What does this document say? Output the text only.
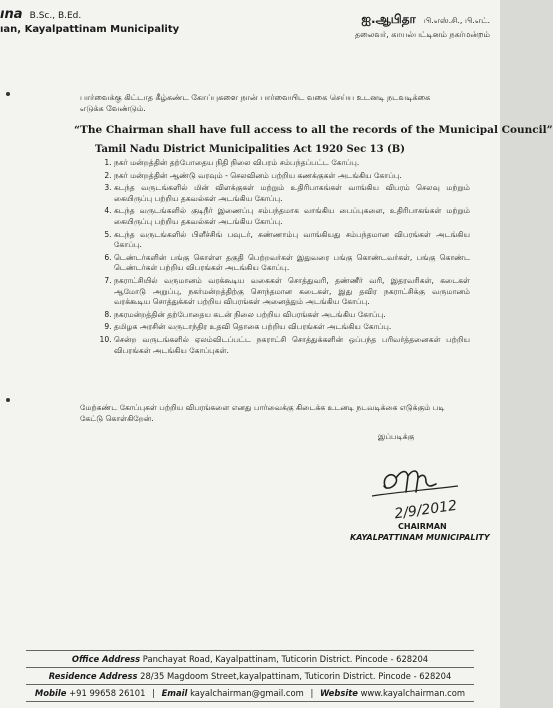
ına B.Sc., B.Ed.
ıan, Kayalpattinam Municipality
ஐ.ஆபிதா பி.எஸ்.சி., பி.எட்.
தலைவர், காயல்பட்டினம் நகர்மன்றம்
பார்வைக்கு கிட்டாத கீழ்கண்ட கோப்புகளை நான் பார்வையிட வகை செய்ய உடனடி நடவடிக்கை எடுக்க வேண்டும்.
“The Chairman shall have full access to all the records of the Municipal Council”
Tamil Nadu District Municipalities Act 1920 Sec 13 (B)
1. நகர் மன்றத்தின் தற்போதைய நிதி நிலை விபரம் சம்பந்தப்பட்ட கோப்பு.
2. நகர் மன்றத்தின் ஆண்டு வரவும் - செலவினம் பற்றிய கணக்குகள் அடங்கிய கோப்பு.
3. கடந்த வருடங்களில் மின் விளக்குகள் மற்றும் உதிரிபாகங்கள் வாங்கிய விபரம் செலவு மற்றும் கையிருப்பு பற்றிய தகவல்கள் அடங்கிய கோப்பு.
4. கடந்த வருடங்களில் குடிநீர் இணைப்பு சம்பந்தமாக வாங்கிய பைப்புகளை, உதிரிபாகங்கள் மற்றும் கையிருப்பு பற்றிய தகவல்கள் அடங்கிய கோப்பு.
5. கடந்த வருடங்களில் பிளீச்சிங் பவுடர், சுண்ணாம்பு வாங்கியது சம்பந்தமான விபரங்கள் அடங்கிய கோப்பு.
6. டெண்டர்களின் பங்கு கொள்ள தகுதி பெற்றவர்கள் இதுவரை பங்கு கொண்டவர்கள், பங்கு கொண்ட டெண்டர்கள் பற்றிய விபரங்கள் அடங்கிய கோப்பு.
7. நகராட்சியில் வருமானம் வரக்கூடிய வகைகள் சொத்துவரி, தண்ணீர் வரி, இதரவரிகள், கடைகள் ஆமோடு அறுப்பு, நகர்மன்றத்திற்கு சொந்தமான கடைகள், இது தவிர நகராட்சிக்கு வருமானம் வரக்கூடிய சொத்துக்கள் பற்றிய விபரங்கள் அனைத்தும் அடங்கிய கோப்பு.
8. நகரமன்றத்தின் தற்போதைய கடன் நிலை பற்றிய விபரங்கள் அடங்கிய கோப்பு.
9. தமிழக அரசின் வருடாந்திர உதவி தொகை பற்றிய விபரங்கள் அடங்கிய கோப்பு.
10. சென்ற வருடங்களில் ஏலம்விடப்பட்ட நகராட்சி சொத்துக்களின் ஒப்பந்த பரிவர்த்தனைகள் பற்றிய விபரங்கள் அடங்கிய கோப்புகள்.
மேற்கண்ட கோப்புகள் பற்றிய விபரங்களை எனது பார்வைக்கு கிடைக்க உடனடி நடவடிக்கை எடுக்கும் படி கேட்டு கொள்கிறேன்.
இப்படிக்கு
2/9/2012
CHAIRMAN
KAYALPATTINAM MUNICIPALITY
Office Address Panchayat Road, Kayalpattinam, Tuticorin District. Pincode - 628204
Residence Address 28/35 Magdoom Street,kayalpattinam, Tuticorin District. Pincode - 628204
Mobile +91 99658 26101 | Email kayalchairman@gmail.com | Website www.kayalchairman.com
